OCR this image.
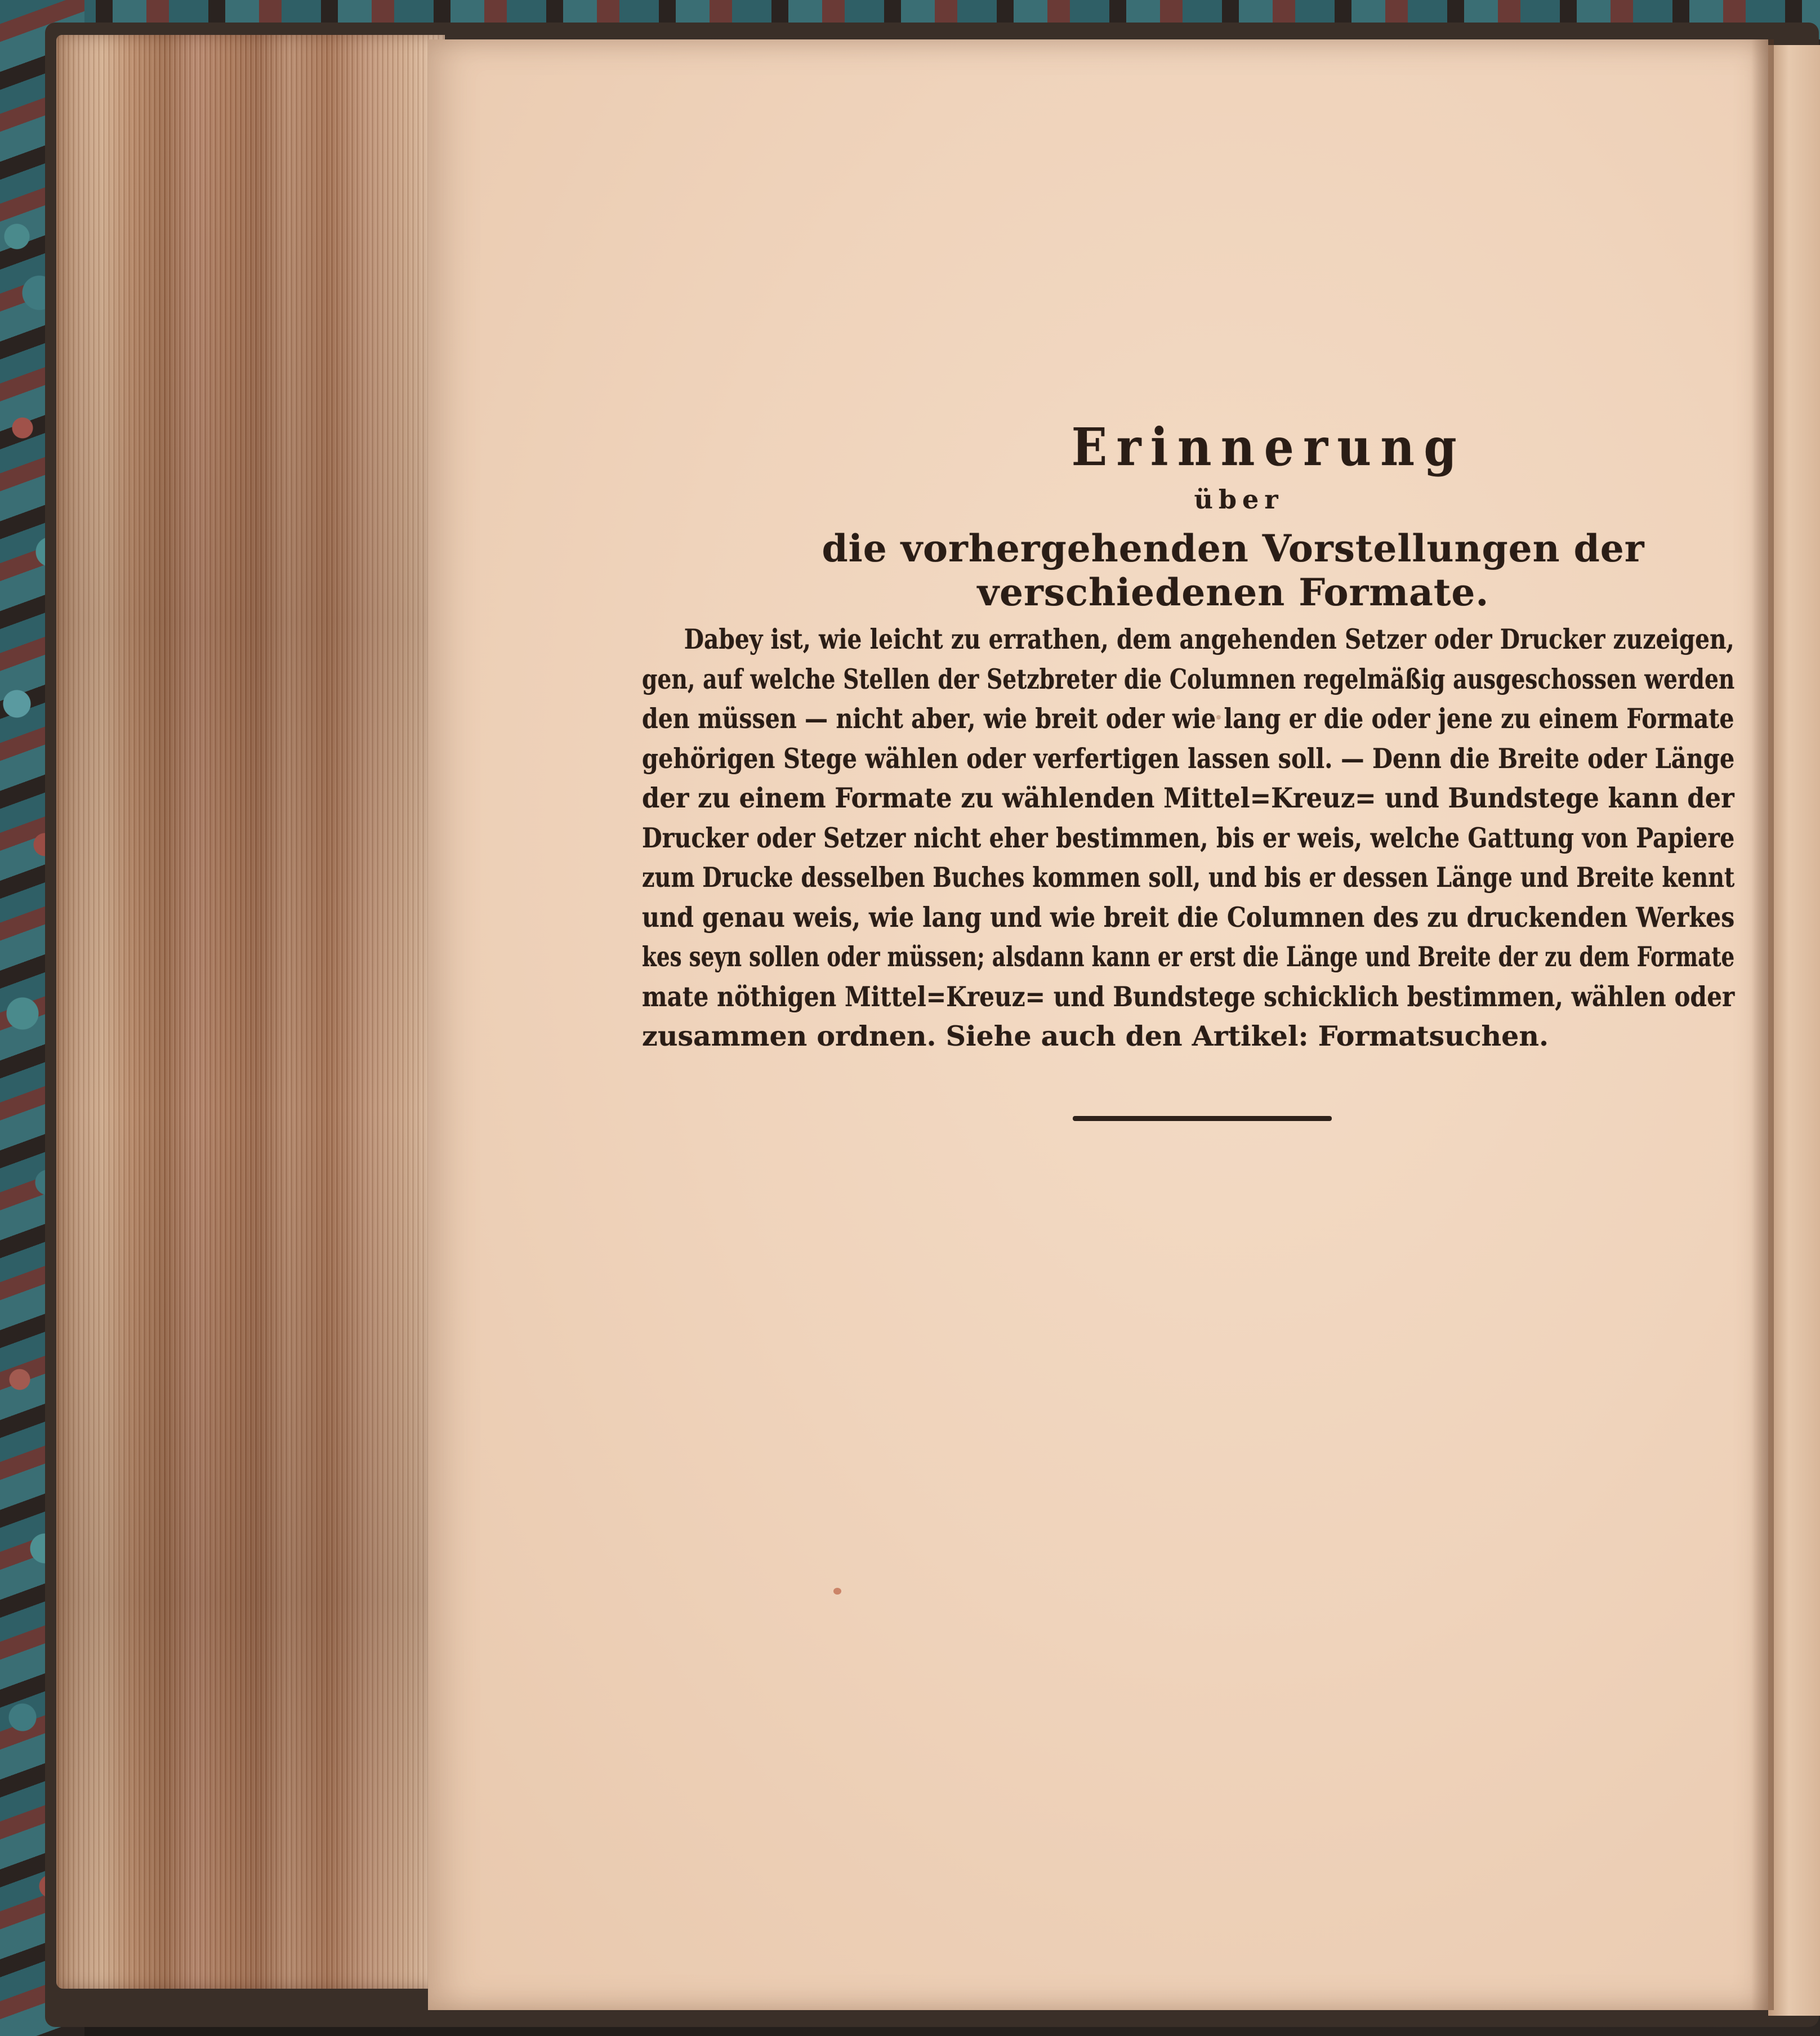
Erinnerung
über
die vorhergehenden Vorstellungen der verschiedenen Formate.
Dabey ist, wie leicht zu errathen, dem angehenden Setzer oder Drucker zuzeigen,
gen, auf welche Stellen der Setzbreter die Columnen regelmäßig ausgeschossen werden
den müssen — nicht aber, wie breit oder wie lang er die oder jene zu einem Formate
gehörigen Stege wählen oder verfertigen lassen soll. — Denn die Breite oder Länge
der zu einem Formate zu wählenden Mittel=Kreuz= und Bundstege kann der
Drucker oder Setzer nicht eher bestimmen, bis er weis, welche Gattung von Papiere
zum Drucke desselben Buches kommen soll, und bis er dessen Länge und Breite kennt
und genau weis, wie lang und wie breit die Columnen des zu druckenden Werkes
kes seyn sollen oder müssen; alsdann kann er erst die Länge und Breite der zu dem Formate
mate nöthigen Mittel=Kreuz= und Bundstege schicklich bestimmen, wählen oder
zusammen ordnen. Siehe auch den Artikel: Formatsuchen.
